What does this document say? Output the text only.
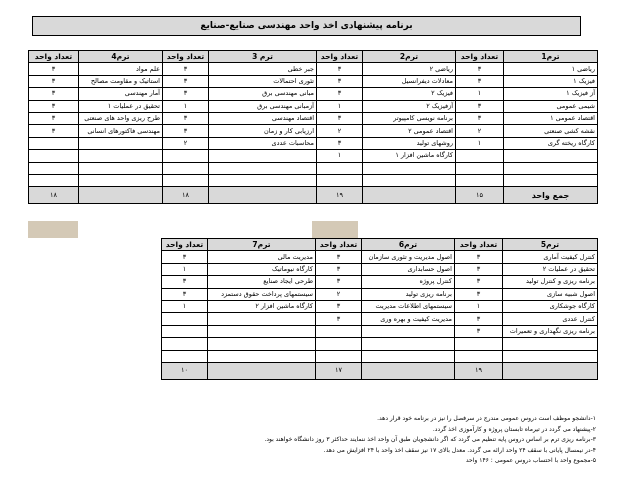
برنامه پیشنهادی اخذ واحد مهندسی صنایع-صنایع
تعداد واحد	ترم4	تعداد واحد	ترم 3	تعداد واحد	ترم2	تعداد واحد	ترم1
۳	علم مواد	۳	جبر خطی	۳	ریاضی ۲	۳	ریاضی ۱
۳	استاتیک و مقاومت مصالح	۳	تئوری احتمالات	۳	معادلات دیفرانسیل	۳	فیزیک ۱
۳	آمار مهندسی	۳	مبانی مهندسی برق	۳	فیزیک ۲	۱	آز فیزیک ۱
۳	تحقیق در عملیات ۱	۱	آزمبانی مهندسی برق	۱	آزفیزیک ۲	۳	شیمی عمومی
۳	طرح ریزی واحد های صنعتی	۳	اقتصاد مهندسی	۳	برنامه نویسی کامپیوتر	۳	اقتصاد عمومی ۱
۳	مهندسی فاکتورهای انسانی	۳	ارزیابی کار و زمان	۲	اقتصاد عمومی ۲	۲	نقشه کشی صنعتی
		۲	محاسبات عددی	۳	روشهای تولید	۱	کارگاه ریخته گری
				۱	کارگاه ماشین افزار ۱		

۱۸		۱۸		۱۹		۱۵	جمع واحد
تعداد واحد	ترم7	تعداد واحد	ترم6	تعداد واحد	ترم5
۳	مدیریت مالی	۳	اصول مدیریت و تئوری سازمان	۳	کنترل کیفیت آماری
۱	کارگاه نیوماتیک	۳	اصول حسابداری	۳	تحقیق در عملیات ۲
۳	طرحی ایجاد صنایع	۳	کنترل پروژه	۳	برنامه ریزی و کنترل تولید
۳	سیستمهای پرداخت حقوق دستمزد	۲	برنامه ریزی تولید	۳	اصول شبیه سازی
۱	کارگاه ماشین افزار ۲	۳	سیستمهای اطلاعات مدیریت	۱	کارگاه جوشکاری
		۳	مدیریت کیفیت و بهره وری	۳	کنترل عددی
				۳	برنامه ریزی نگهداری و تعمیرات

۱۰		۱۷		۱۹	
۱-دانشجو موظف است دروس عمومی مندرج در سرفصل را نیز در برنامه خود قرار دهد.
۲-پیشنهاد می گردد در تیرماه تابستان پروژه و کارآموزی اخذ گردد.
۳-برنامه ریزی ترم بر اساس دروس پایه تنظیم می گردد که اگر دانشجویان طبق آن واحد اخذ ننمایند حداکثر ۳ روز دانشگاه خواهند بود.
۴-در نیمسال پایانی با سقف ۲۴ واحد ارائه می گردد. معدل بالای ۱۷ نیز سقف اخذ واحد با ۲۴ افزایش می دهد.
۵-مجموع واحد با احتساب دروس عمومی : ۱۴۶ واحد
